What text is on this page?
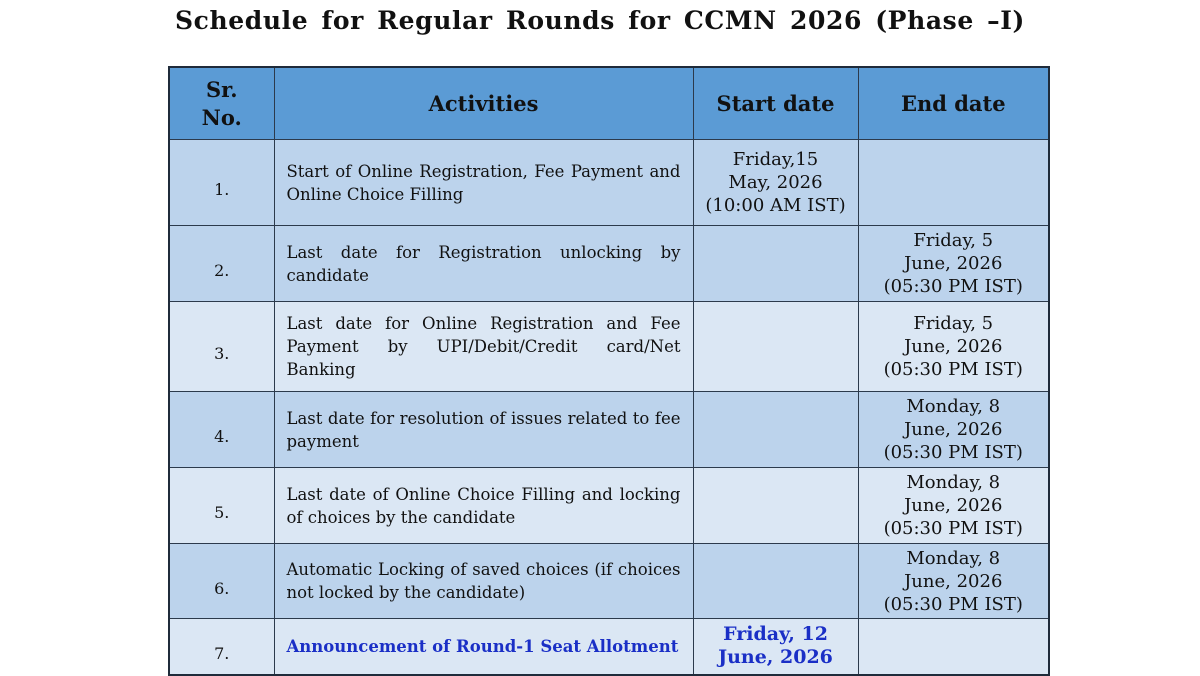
Schedule for Regular Rounds for CCMN 2026 (Phase –I)
Sr. No.	Activities	Start date	End date
1.	Start of Online Registration, Fee Payment and Online Choice Filling	Friday,15
May, 2026
(10:00 AM IST)	

2.	Last date for Registration unlocking by candidate		Friday, 5
June, 2026
(05:30 PM IST)

3.	Last date for Online Registration and Fee Payment by UPI/Debit/Credit card/Net Banking		Friday, 5
June, 2026
(05:30 PM IST)

4.	Last date for resolution of issues related to fee payment		Monday, 8
June, 2026
(05:30 PM IST)

5.	Last date of Online Choice Filling and locking of choices by the candidate		Monday, 8
June, 2026
(05:30 PM IST)

6.	Automatic Locking of saved choices (if choices not locked by the candidate)		Monday, 8
June, 2026
(05:30 PM IST)

7.	Announcement of Round-1 Seat Allotment	Friday, 12
June, 2026	
